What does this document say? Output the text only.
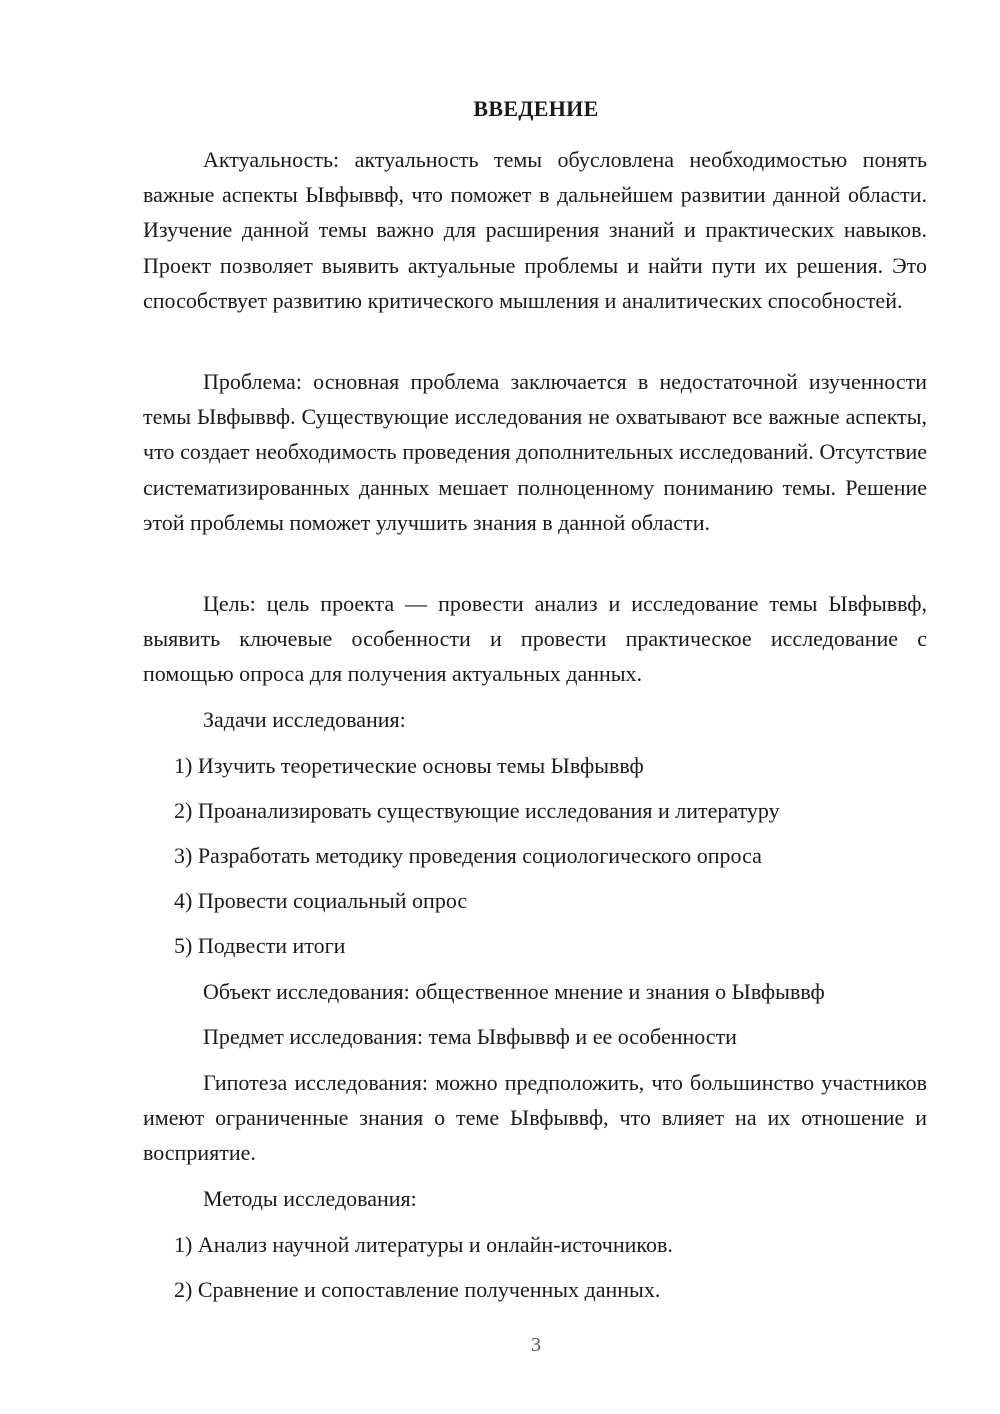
ВВЕДЕНИЕ
Актуальность: актуальность темы обусловлена необходимостью понять важные аспекты Ывфыввф, что поможет в дальнейшем развитии данной области. Изучение данной темы важно для расширения знаний и практических навыков. Проект позволяет выявить актуальные проблемы и найти пути их решения. Это способствует развитию критического мышления и аналитических способностей.
Проблема: основная проблема заключается в недостаточной изученности темы Ывфыввф. Существующие исследования не охватывают все важные аспекты, что создает необходимость проведения дополнительных исследований. Отсутствие систематизированных данных мешает полноценному пониманию темы. Решение этой проблемы поможет улучшить знания в данной области.
Цель: цель проекта — провести анализ и исследование темы Ывфыввф, выявить ключевые особенности и провести практическое исследование с помощью опроса для получения актуальных данных.
Задачи исследования:
1) Изучить теоретические основы темы Ывфыввф
2) Проанализировать существующие исследования и литературу
3) Разработать методику проведения социологического опроса
4) Провести социальный опрос
5) Подвести итоги
Объект исследования: общественное мнение и знания о Ывфыввф
Предмет исследования: тема Ывфыввф и ее особенности
Гипотеза исследования: можно предположить, что большинство участников имеют ограниченные знания о теме Ывфыввф, что влияет на их отношение и восприятие.
Методы исследования:
1) Анализ научной литературы и онлайн-источников.
2) Сравнение и сопоставление полученных данных.
3
